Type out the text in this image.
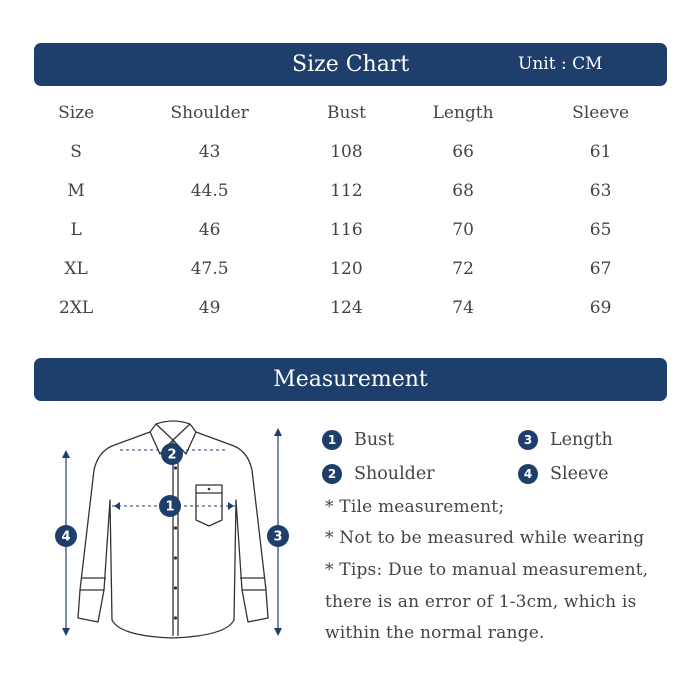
Size Chart	Unit : CM
Size	Shoulder	Bust	Length	Sleeve
S	43	108	66	61
M	44.5	112	68	63
L	46	116	70	65
XL	47.5	120	72	67
2XL	49	124	74	69
Measurement
1
2
3
4
1	Bust
2	Shoulder
3	Length
4	Sleeve
* Tile measurement;
* Not to be measured while wearing
* Tips: Due to manual measurement,
there is an error of 1-3cm, which is
within the normal range.
